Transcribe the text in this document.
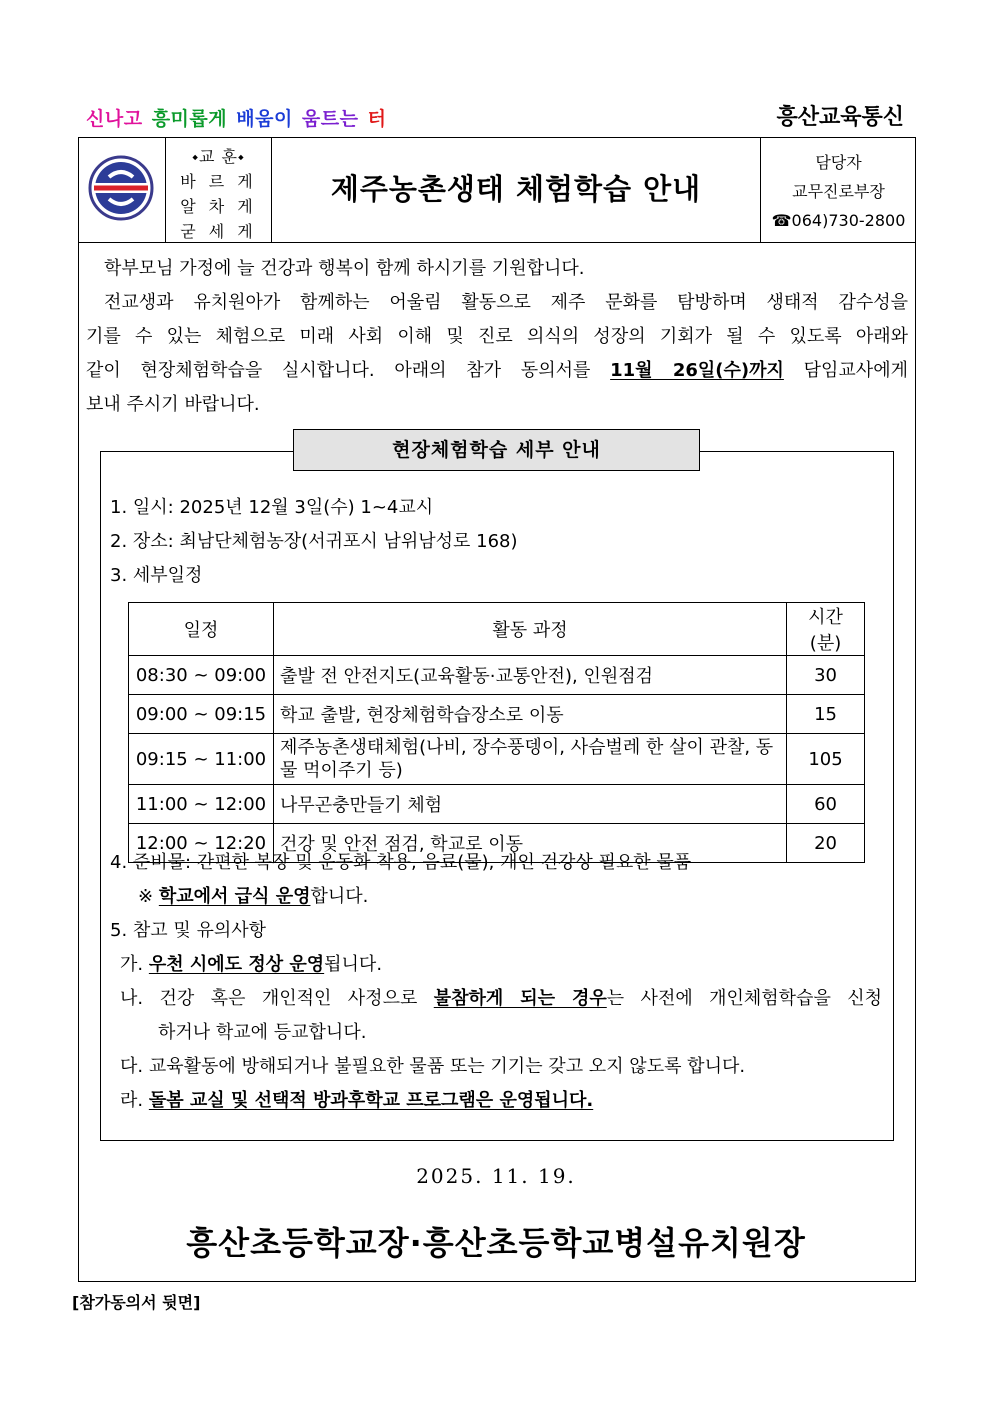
신나고 흥미롭게 배움이 움트는 터	흥산교육통신
⬩교 훈⬩
바 르 게
알 차 게
굳 세 게
제주농촌생태 체험학습 안내
담당자
교무진로부장
☎064)730-2800
학부모님 가정에 늘 건강과 행복이 함께 하시기를 기원합니다.
전교생과 유치원아가 함께하는 어울림 활동으로 제주 문화를 탐방하며 생태적 감수성을
기를 수 있는 체험으로 미래 사회 이해 및 진로 의식의 성장의 기회가 될 수 있도록 아래와
같이 현장체험학습을 실시합니다. 아래의 참가 동의서를 11월 26일(수)까지 담임교사에게
보내 주시기 바랍니다.
현장체험학습 세부 안내
1. 일시: 2025년 12월 3일(수) 1~4교시
2. 장소: 최남단체험농장(서귀포시 남위남성로 168)
3. 세부일정
일정	활동 과정	시간(분)
08:30 ~ 09:00	출발 전 안전지도(교육활동·교통안전), 인원점검	30
09:00 ~ 09:15	학교 출발, 현장체험학습장소로 이동	15
09:15 ~ 11:00	제주농촌생태체험(나비, 장수풍뎅이, 사슴벌레 한 살이 관찰, 동물 먹이주기 등)	105
11:00 ~ 12:00	나무곤충만들기 체험	60
12:00 ~ 12:20	건강 및 안전 점검, 학교로 이동	20
4. 준비물: 간편한 복장 및 운동화 착용, 음료(물), 개인 건강상 필요한 물품
※ 학교에서 급식 운영합니다.
5. 참고 및 유의사항
가. 우천 시에도 정상 운영됩니다.
나. 건강 혹은 개인적인 사정으로 불참하게 되는 경우는 사전에 개인체험학습을 신청
하거나 학교에 등교합니다.
다. 교육활동에 방해되거나 불필요한 물품 또는 기기는 갖고 오지 않도록 합니다.
라. 돌봄 교실 및 선택적 방과후학교 프로그램은 운영됩니다.
2025. 11. 19.
흥산초등학교장·흥산초등학교병설유치원장
[참가동의서 뒷면]
